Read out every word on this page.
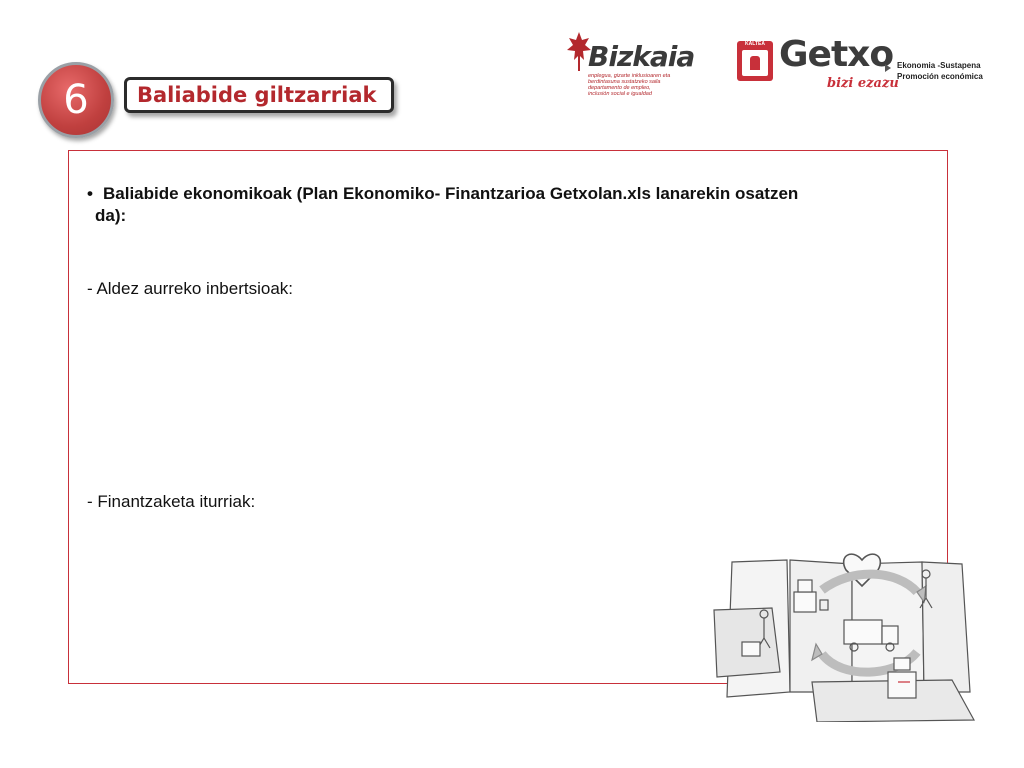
6 Baliabide giltzarriak
Bizkaia
enplegua, gizarte inklusioaren eta
berdintasuna sustatzeko saila
departamento de empleo,
inclusión social e igualdad
KALTEA Getxo
bizi ezazu
Ekonomia -Sustapena
Promoción económica
• Baliabide ekonomikoak (Plan Ekonomiko- Finantzarioa Getxolan.xls lanarekin osatzen
da):
- Aldez aurreko inbertsioak:
- Finantzaketa iturriak:
